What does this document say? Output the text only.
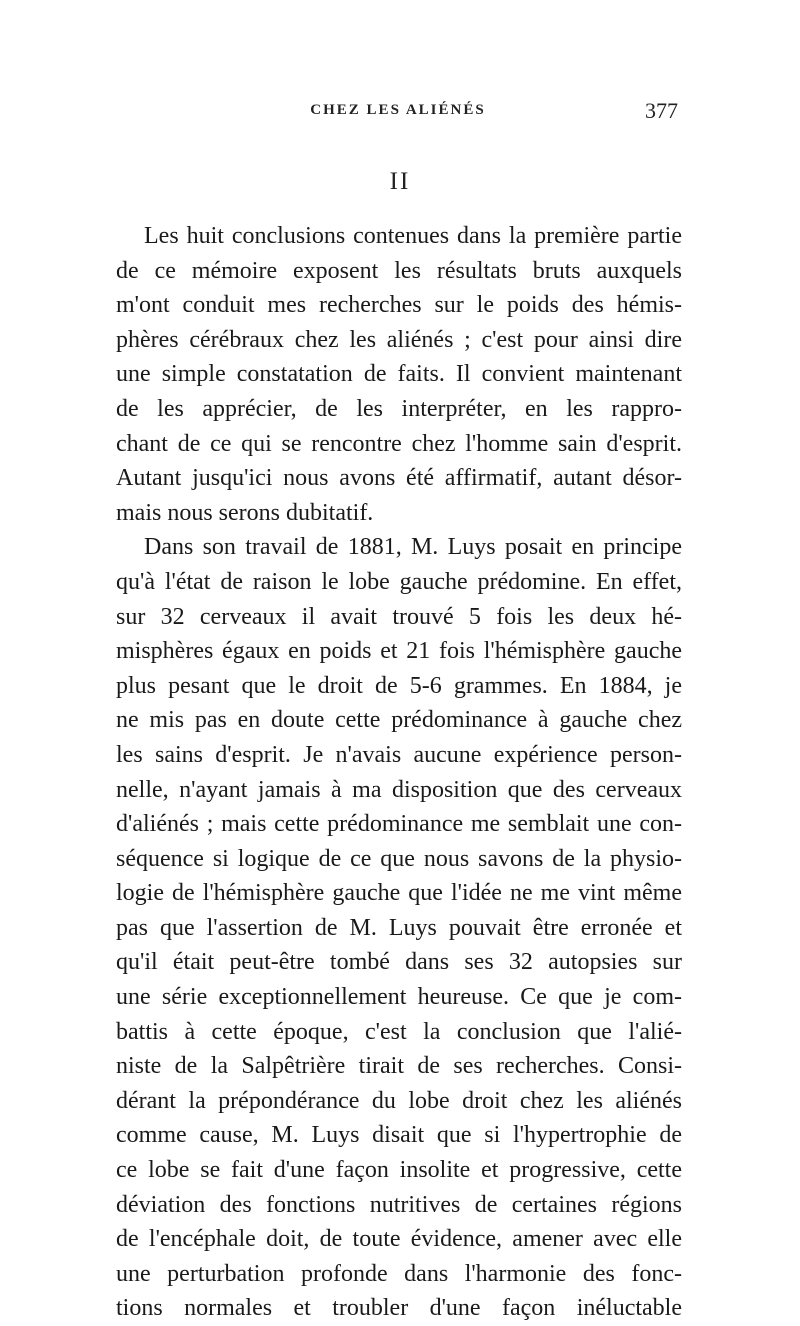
CHEZ LES ALIÉNÉS	377
II
Les huit conclusions contenues dans la première partie
de ce mémoire exposent les résultats bruts auxquels
m'ont conduit mes recherches sur le poids des hémis-
phères cérébraux chez les aliénés ; c'est pour ainsi dire
une simple constatation de faits. Il convient maintenant
de les apprécier, de les interpréter, en les rappro-
chant de ce qui se rencontre chez l'homme sain d'esprit.
Autant jusqu'ici nous avons été affirmatif, autant désor-
mais nous serons dubitatif.
Dans son travail de 1881, M. Luys posait en principe
qu'à l'état de raison le lobe gauche prédomine. En effet,
sur 32 cerveaux il avait trouvé 5 fois les deux hé-
misphères égaux en poids et 21 fois l'hémisphère gauche
plus pesant que le droit de 5-6 grammes. En 1884, je
ne mis pas en doute cette prédominance à gauche chez
les sains d'esprit. Je n'avais aucune expérience person-
nelle, n'ayant jamais à ma disposition que des cerveaux
d'aliénés ; mais cette prédominance me semblait une con-
séquence si logique de ce que nous savons de la physio-
logie de l'hémisphère gauche que l'idée ne me vint même
pas que l'assertion de M. Luys pouvait être erronée et
qu'il était peut-être tombé dans ses 32 autopsies sur
une série exceptionnellement heureuse. Ce que je com-
battis à cette époque, c'est la conclusion que l'alié-
niste de la Salpêtrière tirait de ses recherches. Consi-
dérant la prépondérance du lobe droit chez les aliénés
comme cause, M. Luys disait que si l'hypertrophie de
ce lobe se fait d'une façon insolite et progressive, cette
déviation des fonctions nutritives de certaines régions
de l'encéphale doit, de toute évidence, amener avec elle
une perturbation profonde dans l'harmonie des fonc-
tions normales et troubler d'une façon inéluctable
